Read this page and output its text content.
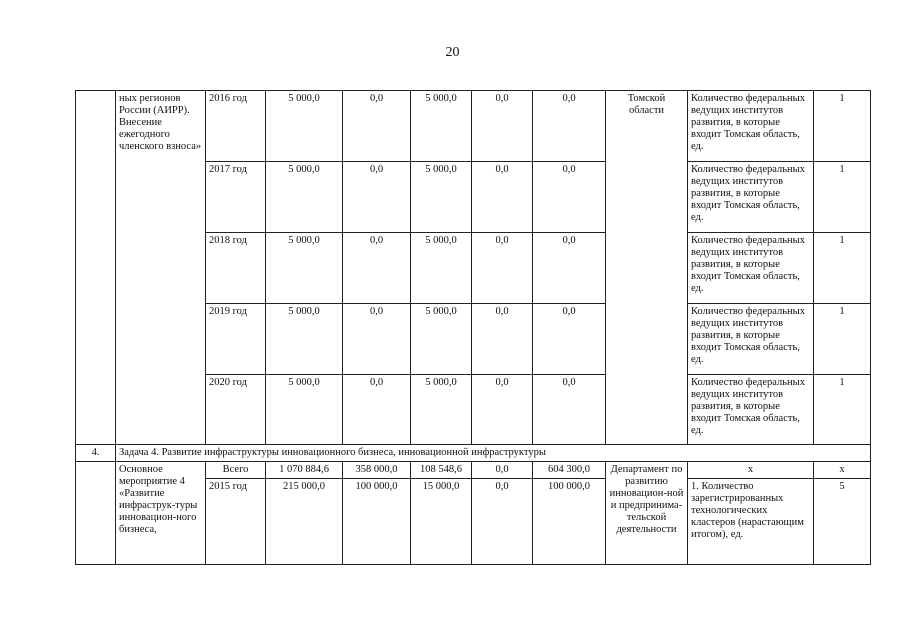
20
	ных регионов России (АИРР). Внесение ежегодного членского взноса»	2016 год	5 000,0	0,0	5 000,0	0,0	0,0	Томской области	Количество федеральных ведущих институтов развития, в которые входит Томская область, ед.	1
		2017 год	5 000,0	0,0	5 000,0	0,0	0,0		Количество федеральных ведущих институтов развития, в которые входит Томская область, ед.	1
		2018 год	5 000,0	0,0	5 000,0	0,0	0,0		Количество федеральных ведущих институтов развития, в которые входит Томская область, ед.	1
		2019 год	5 000,0	0,0	5 000,0	0,0	0,0		Количество федеральных ведущих институтов развития, в которые входит Томская область, ед.	1
		2020 год	5 000,0	0,0	5 000,0	0,0	0,0		Количество федеральных ведущих институтов развития, в которые входит Томская область, ед.	1
4.	Задача 4. Развитие инфраструктуры инновационного бизнеса, инновационной инфраструктуры									
	Основное мероприятие 4 «Развитие инфраструк-туры инновацион-ного бизнеса,	Всего	1 070 884,6	358 000,0	108 548,6	0,0	604 300,0	Департамент по развитию инновацион-ной и предпринима-тельской деятельности	х	х
		2015 год	215 000,0	100 000,0	15 000,0	0,0	100 000,0		1. Количество зарегистрированных технологических кластеров (нарастающим итогом), ед.	5
